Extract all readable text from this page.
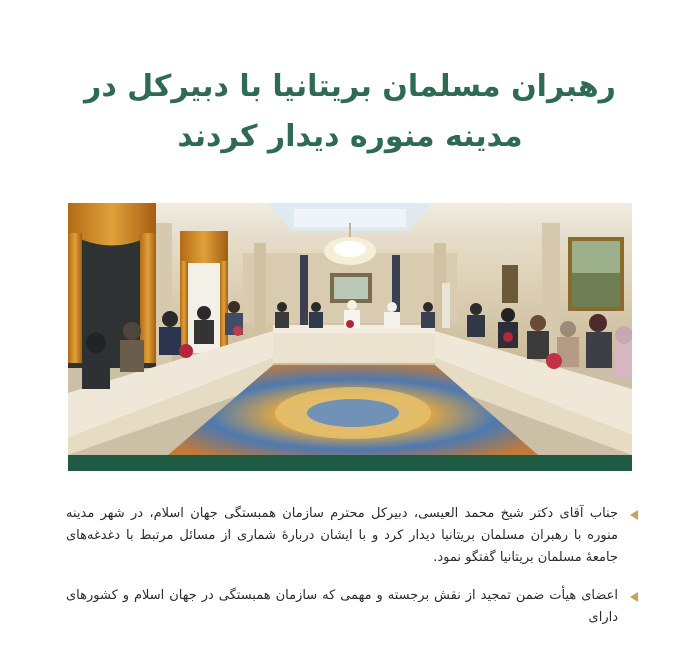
رهبران مسلمان بریتانیا با دبیرکل در
مدینه منوره دیدار کردند
جناب آقای دکتر شیخ محمد العیسی، دبیرکل محترم سازمان همبستگی جهان اسلام، در شهر مدینه منوره با رهبران مسلمان بریتانیا دیدار کرد و با ایشان دربارهٔ شماری از مسائل مرتبط با دغدغه‌های جامعهٔ مسلمان بریتانیا گفتگو نمود.
اعضای هیأت ضمن تمجید از نقش برجسته و مهمی که سازمان همبستگی در جهان اسلام و کشورهای دارای
